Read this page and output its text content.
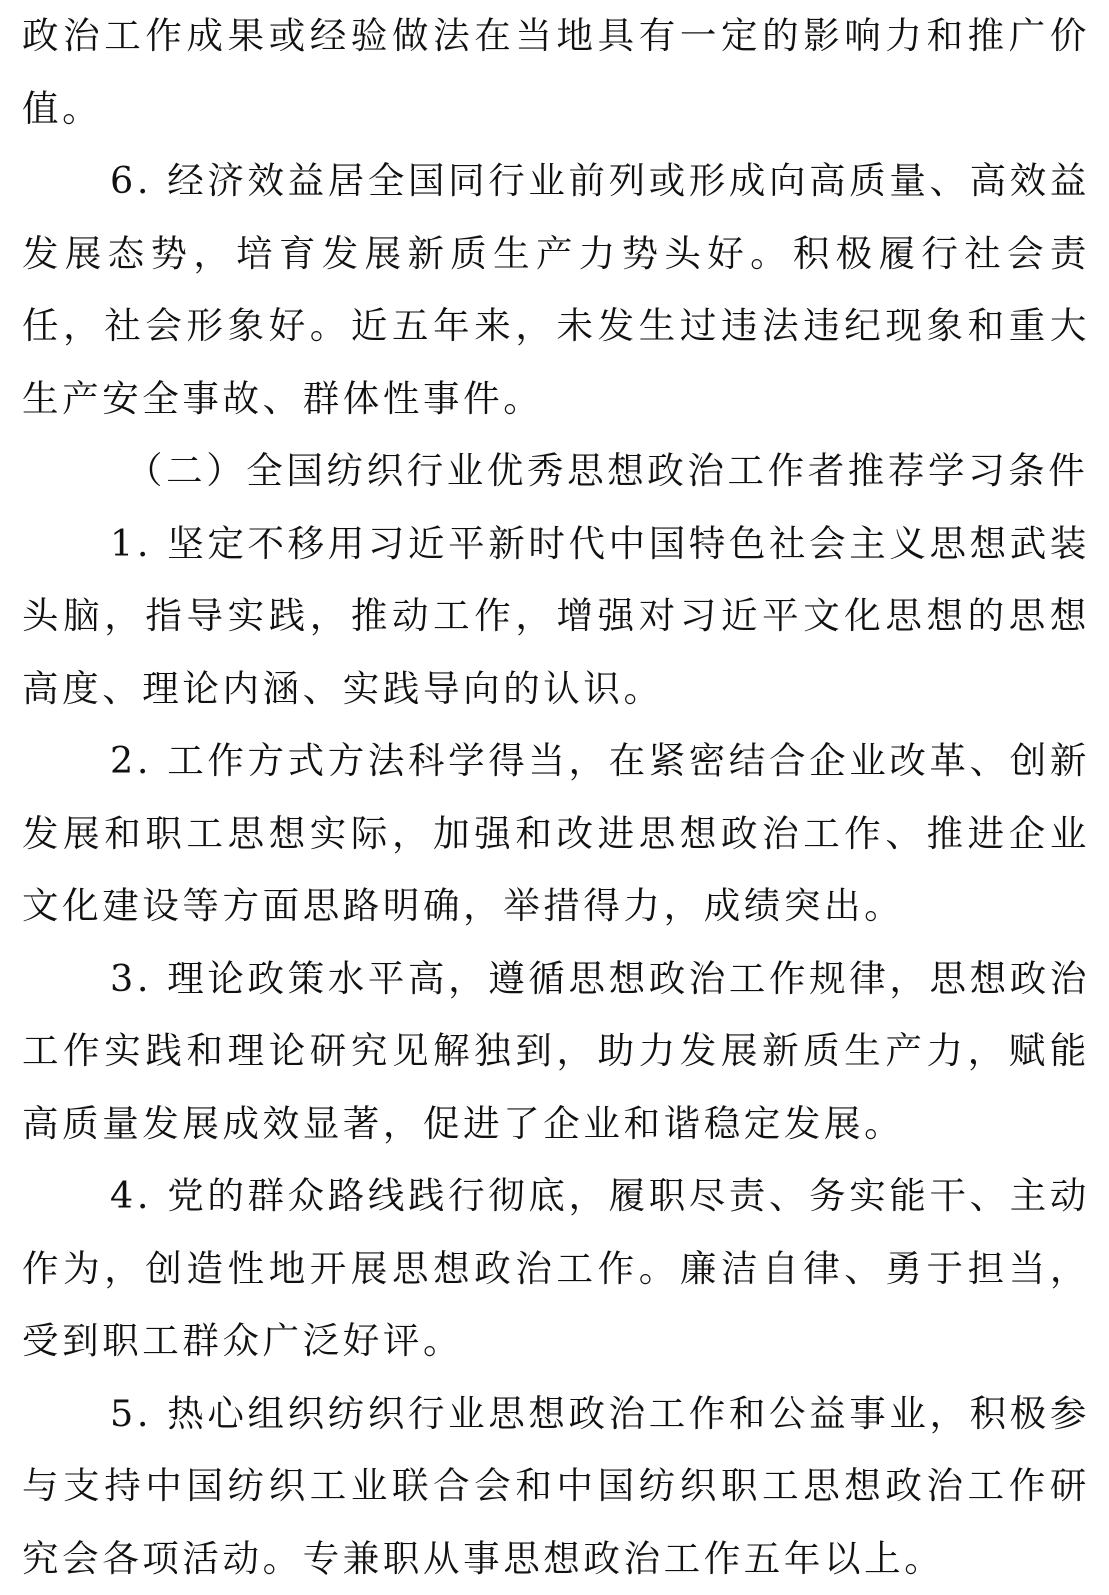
政治工作成果或经验做法在当地具有一定的影响力和推广价值。

6. 经济效益居全国同行业前列或形成向高质量、高效益发展态势，培育发展新质生产力势头好。积极履行社会责任，社会形象好。近五年来，未发生过违法违纪现象和重大生产安全事故、群体性事件。

（二）全国纺织行业优秀思想政治工作者推荐学习条件

1. 坚定不移用习近平新时代中国特色社会主义思想武装头脑，指导实践，推动工作，增强对习近平文化思想的思想高度、理论内涵、实践导向的认识。

2. 工作方式方法科学得当，在紧密结合企业改革、创新发展和职工思想实际，加强和改进思想政治工作、推进企业文化建设等方面思路明确，举措得力，成绩突出。

3. 理论政策水平高，遵循思想政治工作规律，思想政治工作实践和理论研究见解独到，助力发展新质生产力，赋能高质量发展成效显著，促进了企业和谐稳定发展。

4. 党的群众路线践行彻底，履职尽责、务实能干、主动作为，创造性地开展思想政治工作。廉洁自律、勇于担当，受到职工群众广泛好评。

5. 热心组织纺织行业思想政治工作和公益事业，积极参与支持中国纺织工业联合会和中国纺织职工思想政治工作研究会各项活动。专兼职从事思想政治工作五年以上。
